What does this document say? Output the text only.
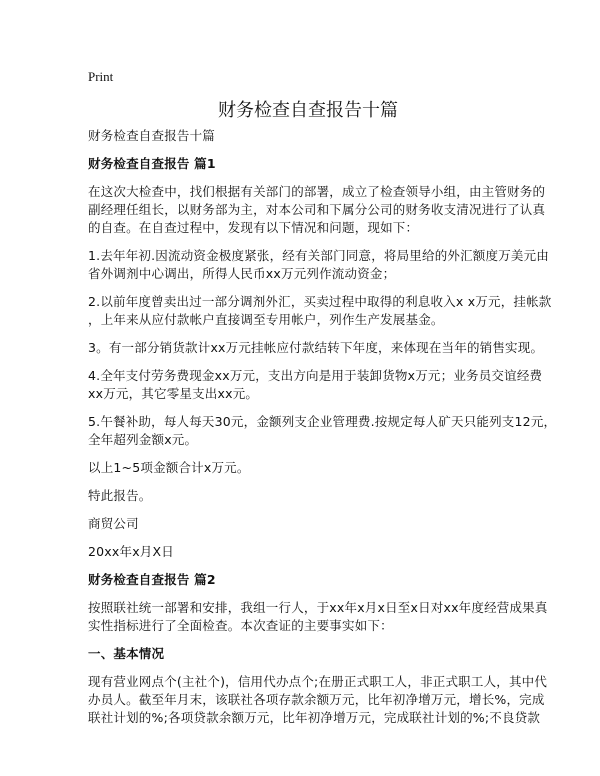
Print
财务检查自查报告十篇
财务检查自查报告十篇
财务检查自查报告 篇1
在这次大检查中，找们根据有关部门的部署，成立了检查领导小组，由主管财务的
副经理任组长，以财务部为主，对本公司和下属分公司的财务收支清况进行了认真
的自查。在自查过程中，发现有以下情况和问题，现如下：
1.去年年初.因流动资金极度紧张，经有关部门同意，将局里给的外汇额度万美元由
省外调剂中心调出，所得人民币xx万元列作流动资金；
2.以前年度曾卖出过一部分调剂外汇，买卖过程中取得的利息收入x x万元，挂帐款
，上年来从应付款帐户直接调至专用帐户，列作生产发展基金。
3。有一部分销货款计xx万元挂帐应付款结转下年度，来体现在当年的销售实现。
4.全年支付劳务费现金xx万元，支出方向是用于装卸货物x万元；业务员交谊经费
xx万元，其它零星支出xx元。
5.午餐补助，每人每天30元，金额列支企业管理费.按规定每人矿天只能列支12元，
全年超列金额x元。
以上1~5项金额合计x万元。
特此报告。
商贸公司
20xx年x月X日
财务检查自查报告 篇2
按照联社统一部署和安排，我组一行人，于xx年x月x日至x日对xx年度经营成果真
实性指标进行了全面检查。本次查证的主要事实如下：
一、基本情况
现有营业网点个(主社个)，信用代办点个;在册正式职工人，非正式职工人，其中代
办员人。截至年月末，该联社各项存款余额万元，比年初净增万元，增长%，完成
联社计划的%;各项贷款余额万元，比年初净增万元，完成联社计划的%;不良贷款
